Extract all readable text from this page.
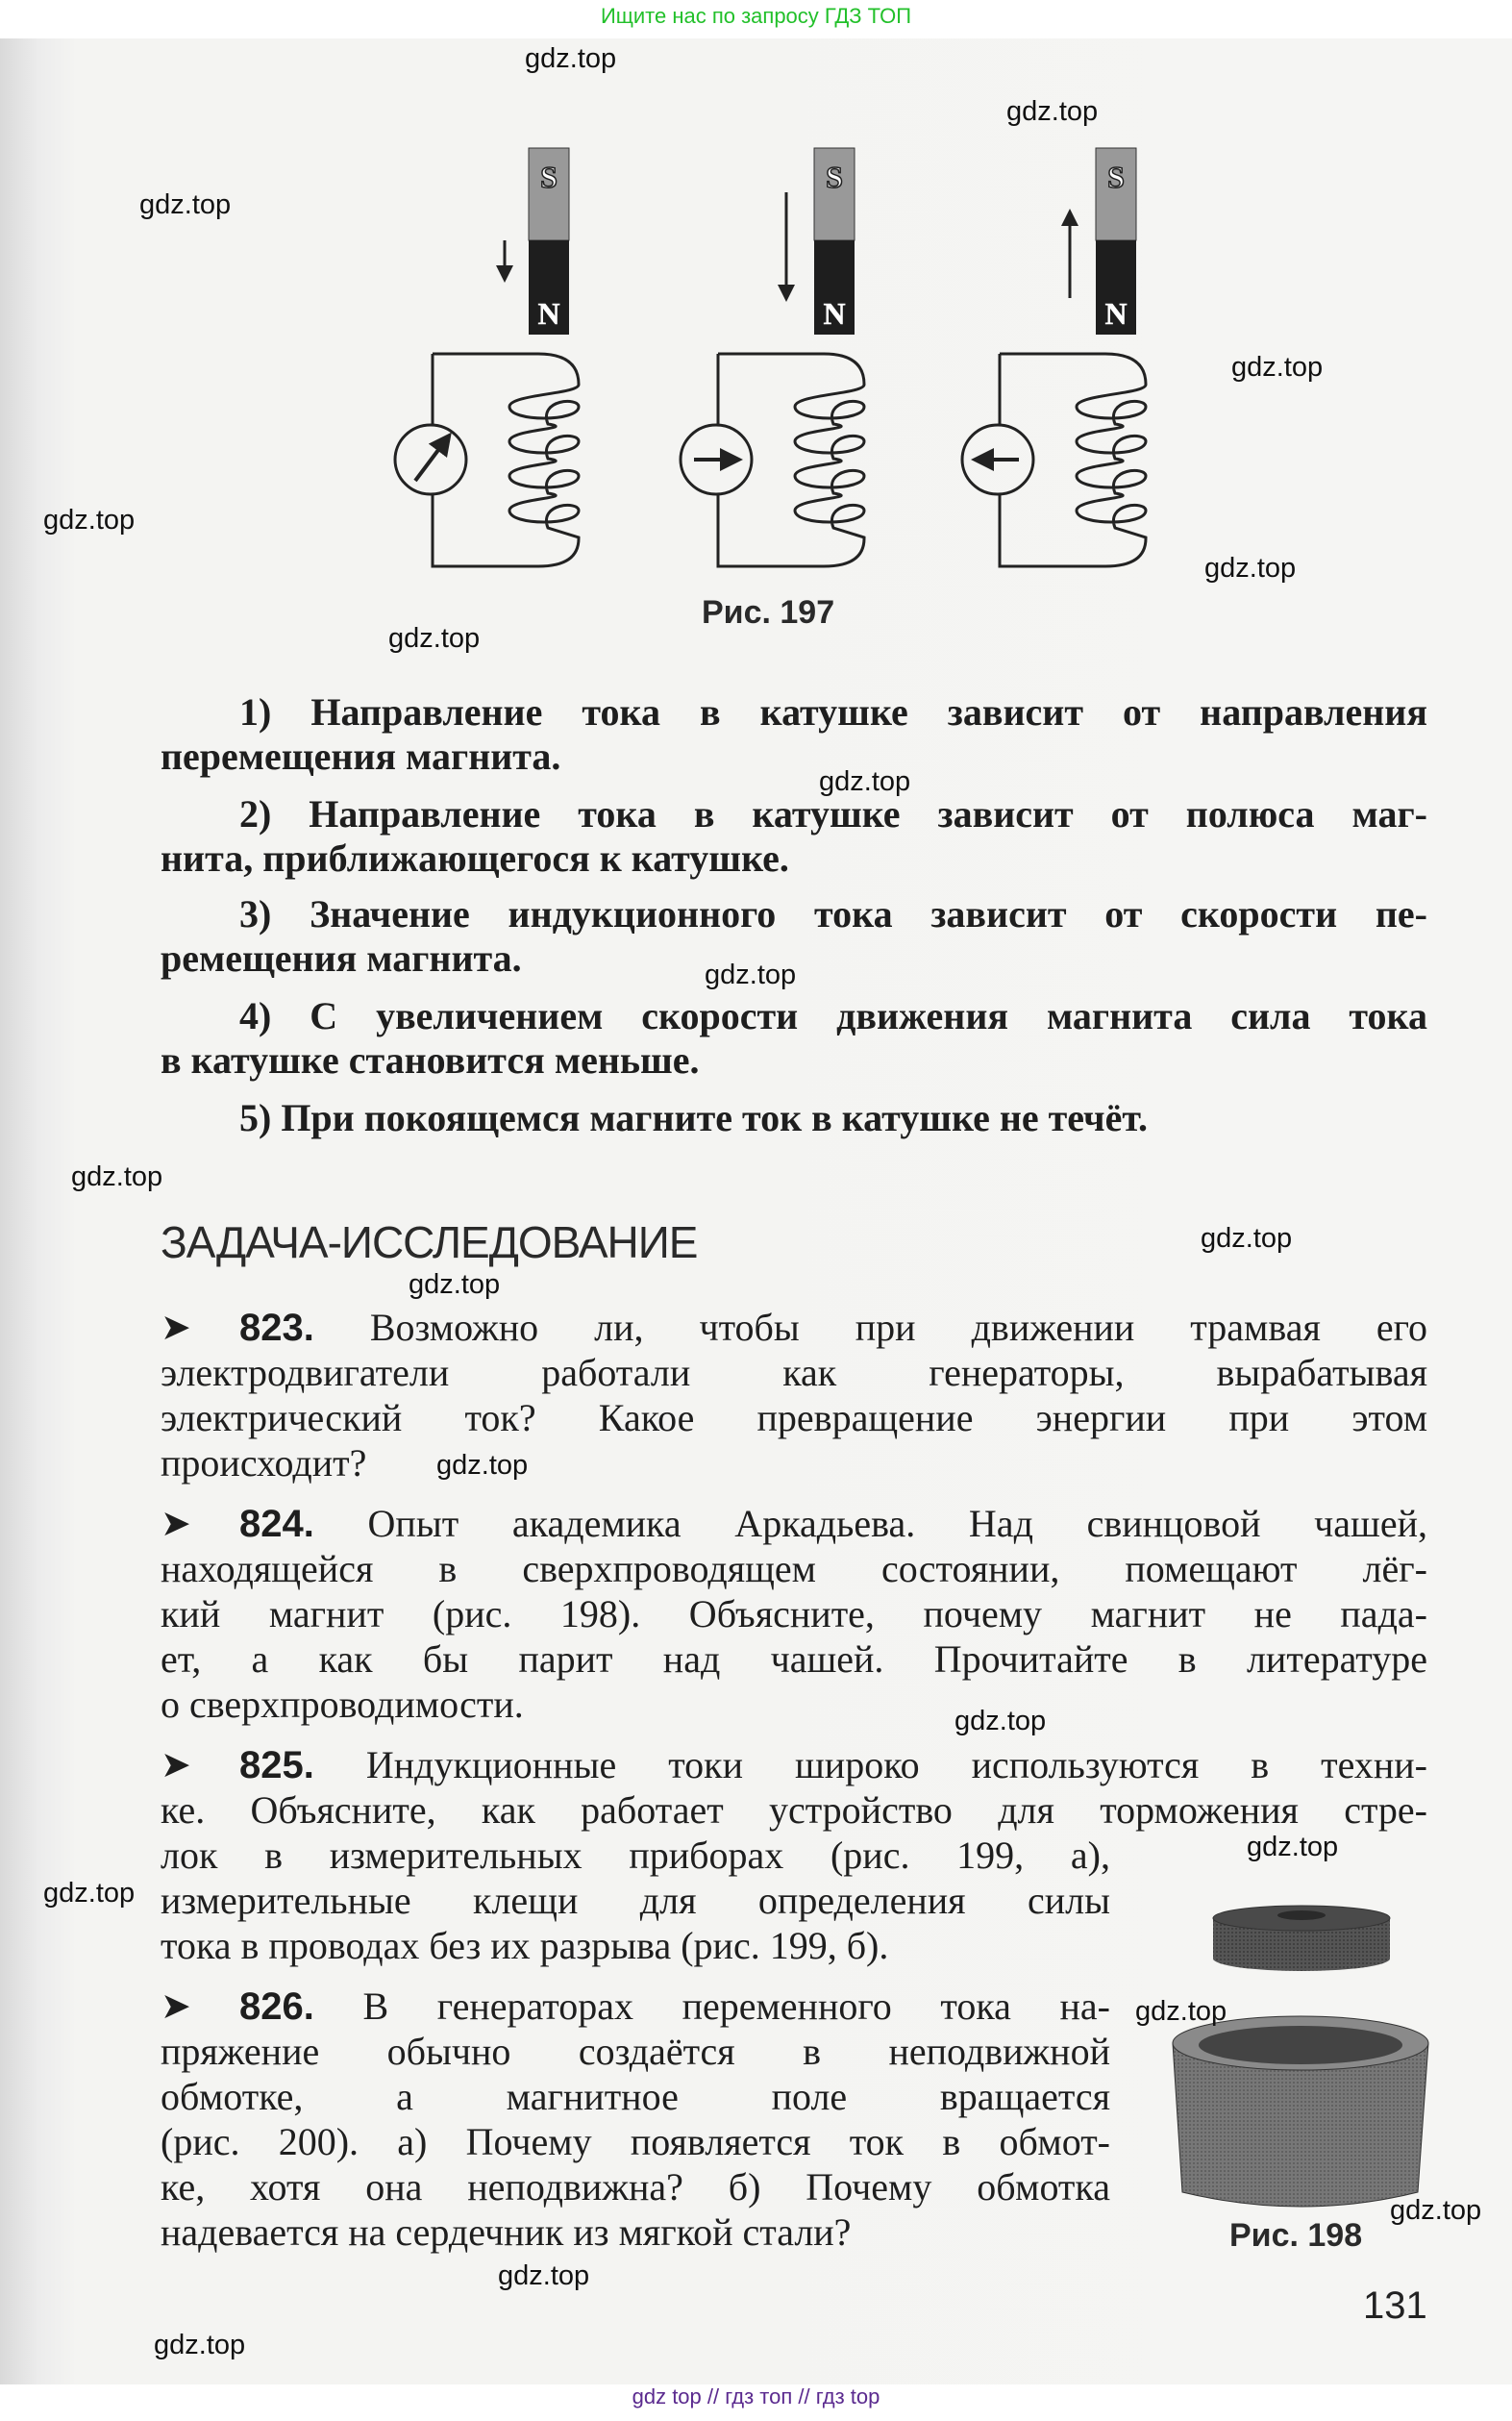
Ищите нас по запросу ГДЗ ТОП
S
N
S
N
S
N
Рис. 197
1) Направление тока в катушке зависит от направления
перемещения магнита.
2) Направление тока в катушке зависит от полюса маг-
нита, приближающегося к катушке.
3) Значение индукционного тока зависит от скорости пе-
ремещения магнита.
4) С увеличением скорости движения магнита сила тока
в катушке становится меньше.
5) При покоящемся магните ток в катушке не течёт.
ЗАДАЧА-ИССЛЕДОВАНИЕ
➤ 823. Возможно ли, чтобы при движении трамвая его
электродвигатели работали как генераторы, вырабатывая
электрический ток? Какое превращение энергии при этом
происходит?
➤ 824. Опыт академика Аркадьева. Над свинцовой чашей,
находящейся в сверхпроводящем состоянии, помещают лёг-
кий магнит (рис. 198). Объясните, почему магнит не пада-
ет, а как бы парит над чашей. Прочитайте в литературе
о сверхпроводимости.
➤ 825. Индукционные токи широко используются в техни-
ке. Объясните, как работает устройство для торможения стре-
лок в измерительных приборах (рис. 199, а),
измерительные клещи для определения силы
тока в проводах без их разрыва (рис. 199, б).
➤ 826. В генераторах переменного тока на-
пряжение обычно создаётся в неподвижной
обмотке, а магнитное поле вращается
(рис. 200). а) Почему появляется ток в обмот-
ке, хотя она неподвижна? б) Почему обмотка
надевается на сердечник из мягкой стали?	Рис. 198
131
gdz top // гдз топ // гдз top
gdz.top
gdz.top
gdz.top
gdz.top
gdz.top
gdz.top
gdz.top
gdz.top
gdz.top
gdz.top
gdz.top
gdz.top
gdz.top
gdz.top
gdz.top
gdz.top
gdz.top
gdz.top
gdz.top
gdz.top
